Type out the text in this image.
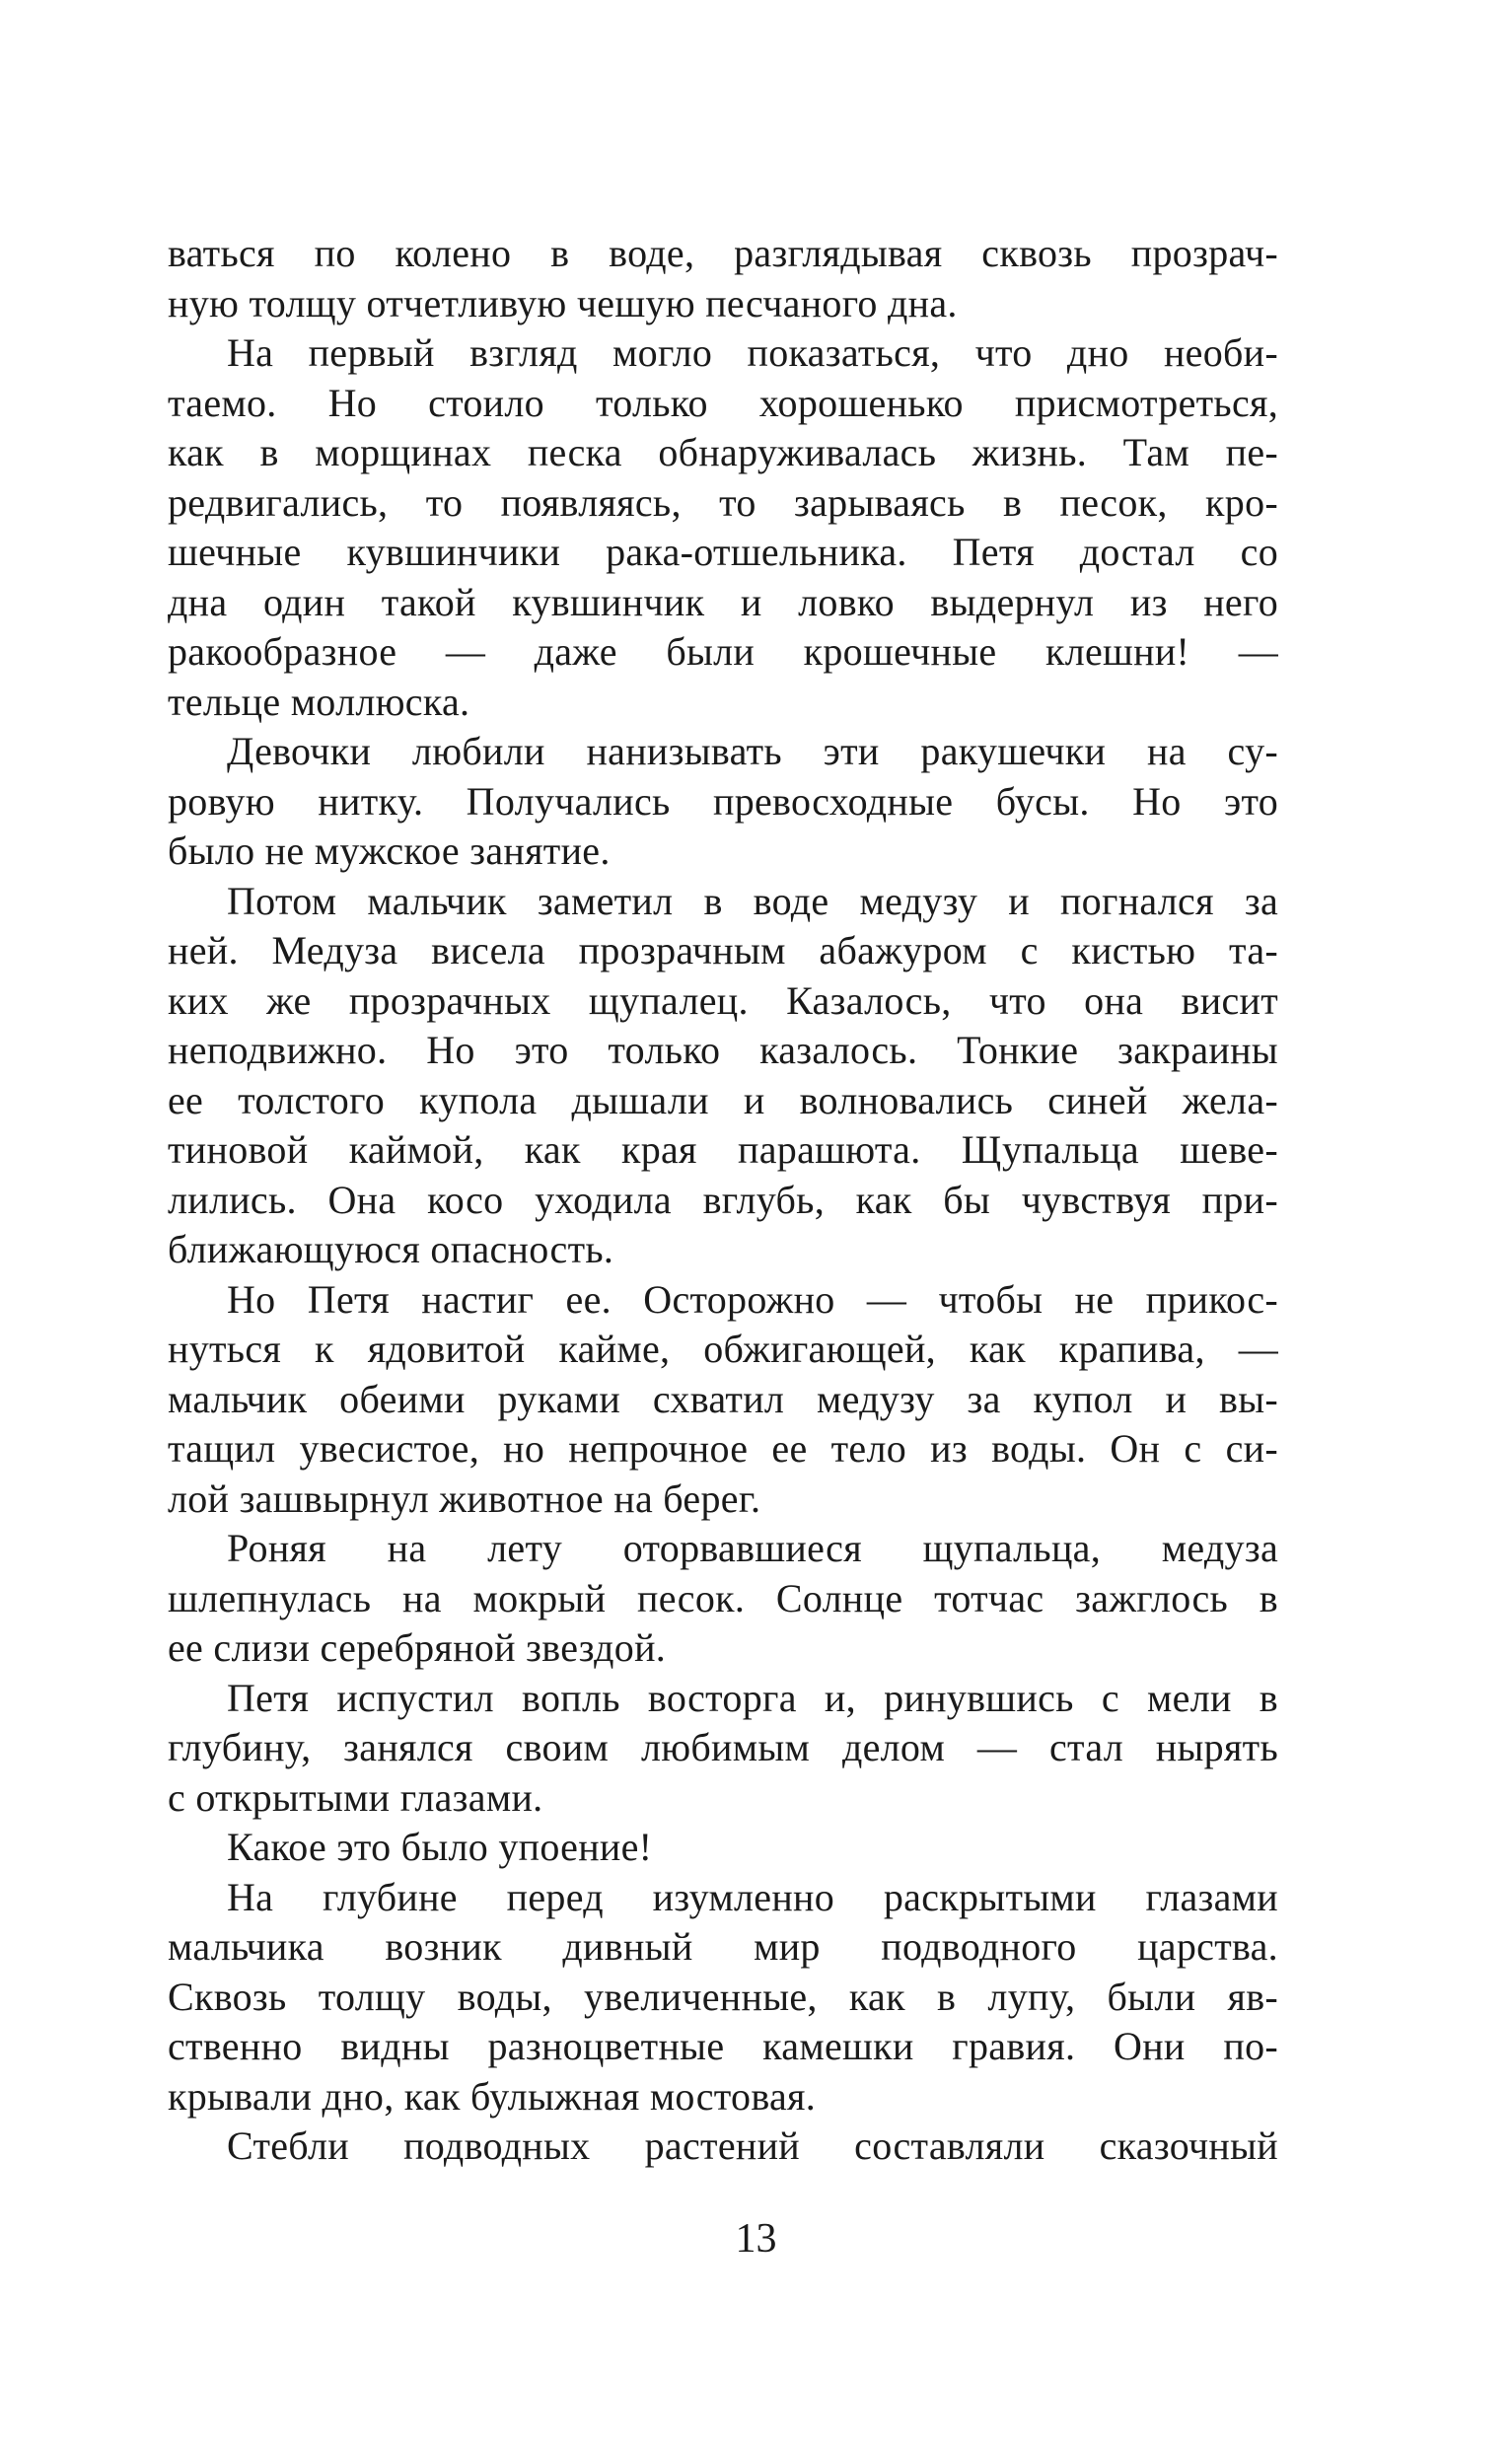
ваться по колено в воде, разглядывая сквозь прозрач-
ную толщу отчетливую чешую песчаного дна.
На первый взгляд могло показаться, что дно необи-
таемо. Но стоило только хорошенько присмотреться,
как в морщинах песка обнаруживалась жизнь. Там пе-
редвигались, то появляясь, то зарываясь в песок, кро-
шечные кувшинчики рака-отшельника. Петя достал со
дна один такой кувшинчик и ловко выдернул из него
ракообразное — даже были крошечные клешни! —
тельце моллюска.
Девочки любили нанизывать эти ракушечки на су-
ровую нитку. Получались превосходные бусы. Но это
было не мужское занятие.
Потом мальчик заметил в воде медузу и погнался за
ней. Медуза висела прозрачным абажуром с кистью та-
ких же прозрачных щупалец. Казалось, что она висит
неподвижно. Но это только казалось. Тонкие закраины
ее толстого купола дышали и волновались синей жела-
тиновой каймой, как края парашюта. Щупальца шеве-
лились. Она косо уходила вглубь, как бы чувствуя при-
ближающуюся опасность.
Но Петя настиг ее. Осторожно — чтобы не прикос-
нуться к ядовитой кайме, обжигающей, как крапива, —
мальчик обеими руками схватил медузу за купол и вы-
тащил увесистое, но непрочное ее тело из воды. Он с си-
лой зашвырнул животное на берег.
Роняя на лету оторвавшиеся щупальца, медуза
шлепнулась на мокрый песок. Солнце тотчас зажглось в
ее слизи серебряной звездой.
Петя испустил вопль восторга и, ринувшись с мели в
глубину, занялся своим любимым делом — стал нырять
с открытыми глазами.
Какое это было упоение!
На глубине перед изумленно раскрытыми глазами
мальчика возник дивный мир подводного царства.
Сквозь толщу воды, увеличенные, как в лупу, были яв-
ственно видны разноцветные камешки гравия. Они по-
крывали дно, как булыжная мостовая.
Стебли подводных растений составляли сказочный
13
